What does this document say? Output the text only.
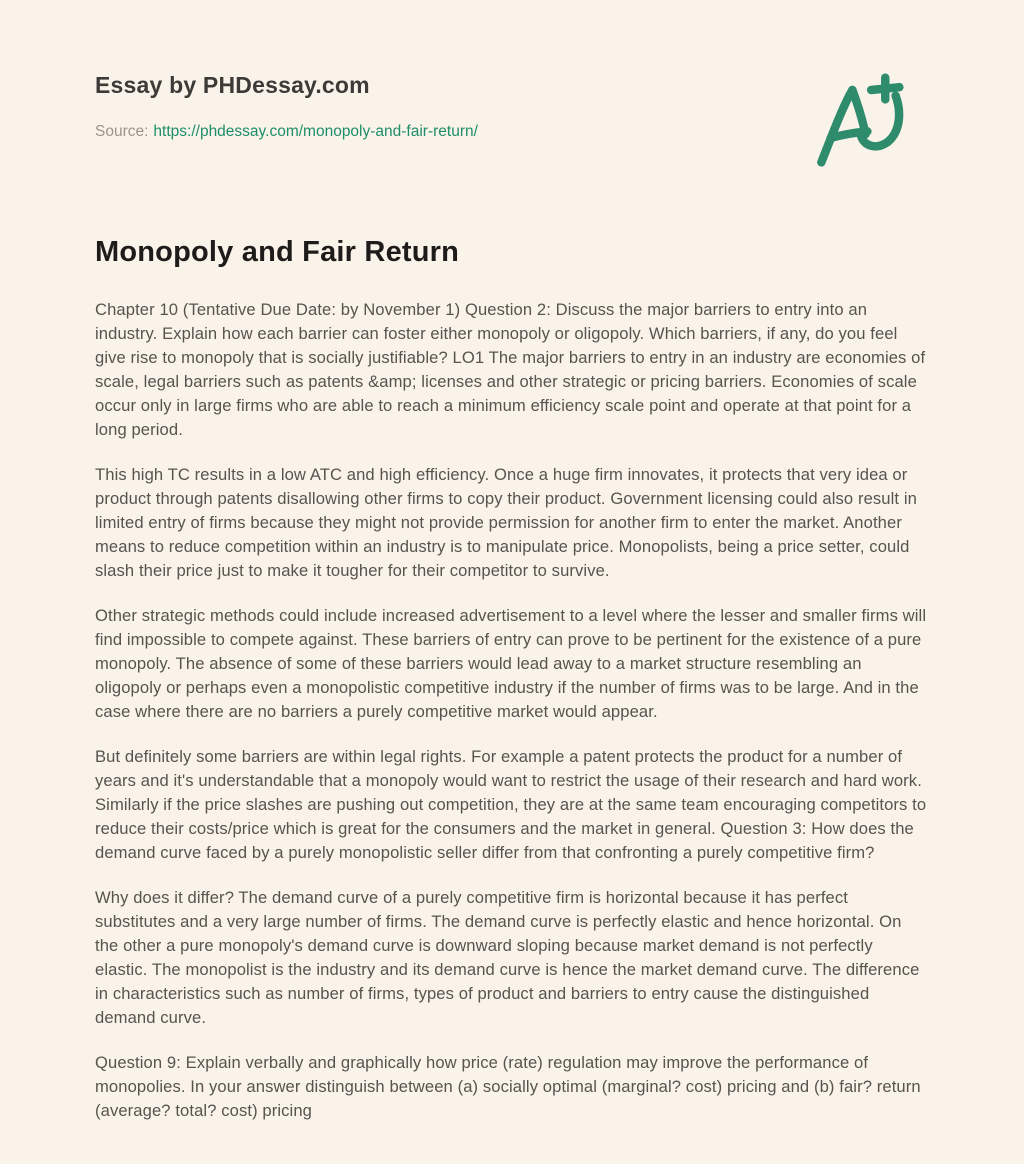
Essay by PHDessay.com
Source: https://phdessay.com/monopoly-and-fair-return/
Monopoly and Fair Return

Chapter 10 (Tentative Due Date: by November 1) Question 2: Discuss the major barriers to entry into an industry. Explain how each barrier can foster either monopoly or oligopoly. Which barriers, if any, do you feel give rise to monopoly that is socially justifiable? LO1 The major barriers to entry in an industry are economies of scale, legal barriers such as patents &amp; licenses and other strategic or pricing barriers. Economies of scale occur only in large firms who are able to reach a minimum efficiency scale point and operate at that point for a long period.

This high TC results in a low ATC and high efficiency. Once a huge firm innovates, it protects that very idea or product through patents disallowing other firms to copy their product. Government licensing could also result in limited entry of firms because they might not provide permission for another firm to enter the market. Another means to reduce competition within an industry is to manipulate price. Monopolists, being a price setter, could slash their price just to make it tougher for their competitor to survive.

Other strategic methods could include increased advertisement to a level where the lesser and smaller firms will find impossible to compete against. These barriers of entry can prove to be pertinent for the existence of a pure monopoly. The absence of some of these barriers would lead away to a market structure resembling an oligopoly or perhaps even a monopolistic competitive industry if the number of firms was to be large. And in the case where there are no barriers a purely competitive market would appear.

But definitely some barriers are within legal rights. For example a patent protects the product for a number of years and it's understandable that a monopoly would want to restrict the usage of their research and hard work. Similarly if the price slashes are pushing out competition, they are at the same team encouraging competitors to reduce their costs/price which is great for the consumers and the market in general. Question 3: How does the demand curve faced by a purely monopolistic seller differ from that confronting a purely competitive firm?

Why does it differ? The demand curve of a purely competitive firm is horizontal because it has perfect substitutes and a very large number of firms. The demand curve is perfectly elastic and hence horizontal. On the other a pure monopoly's demand curve is downward sloping because market demand is not perfectly elastic. The monopolist is the industry and its demand curve is hence the market demand curve. The difference in characteristics such as number of firms, types of product and barriers to entry cause the distinguished demand curve.

Question 9: Explain verbally and graphically how price (rate) regulation may improve the performance of monopolies. In your answer distinguish between (a) socially optimal (marginal? cost) pricing and (b) fair? return (average? total? cost) pricing
